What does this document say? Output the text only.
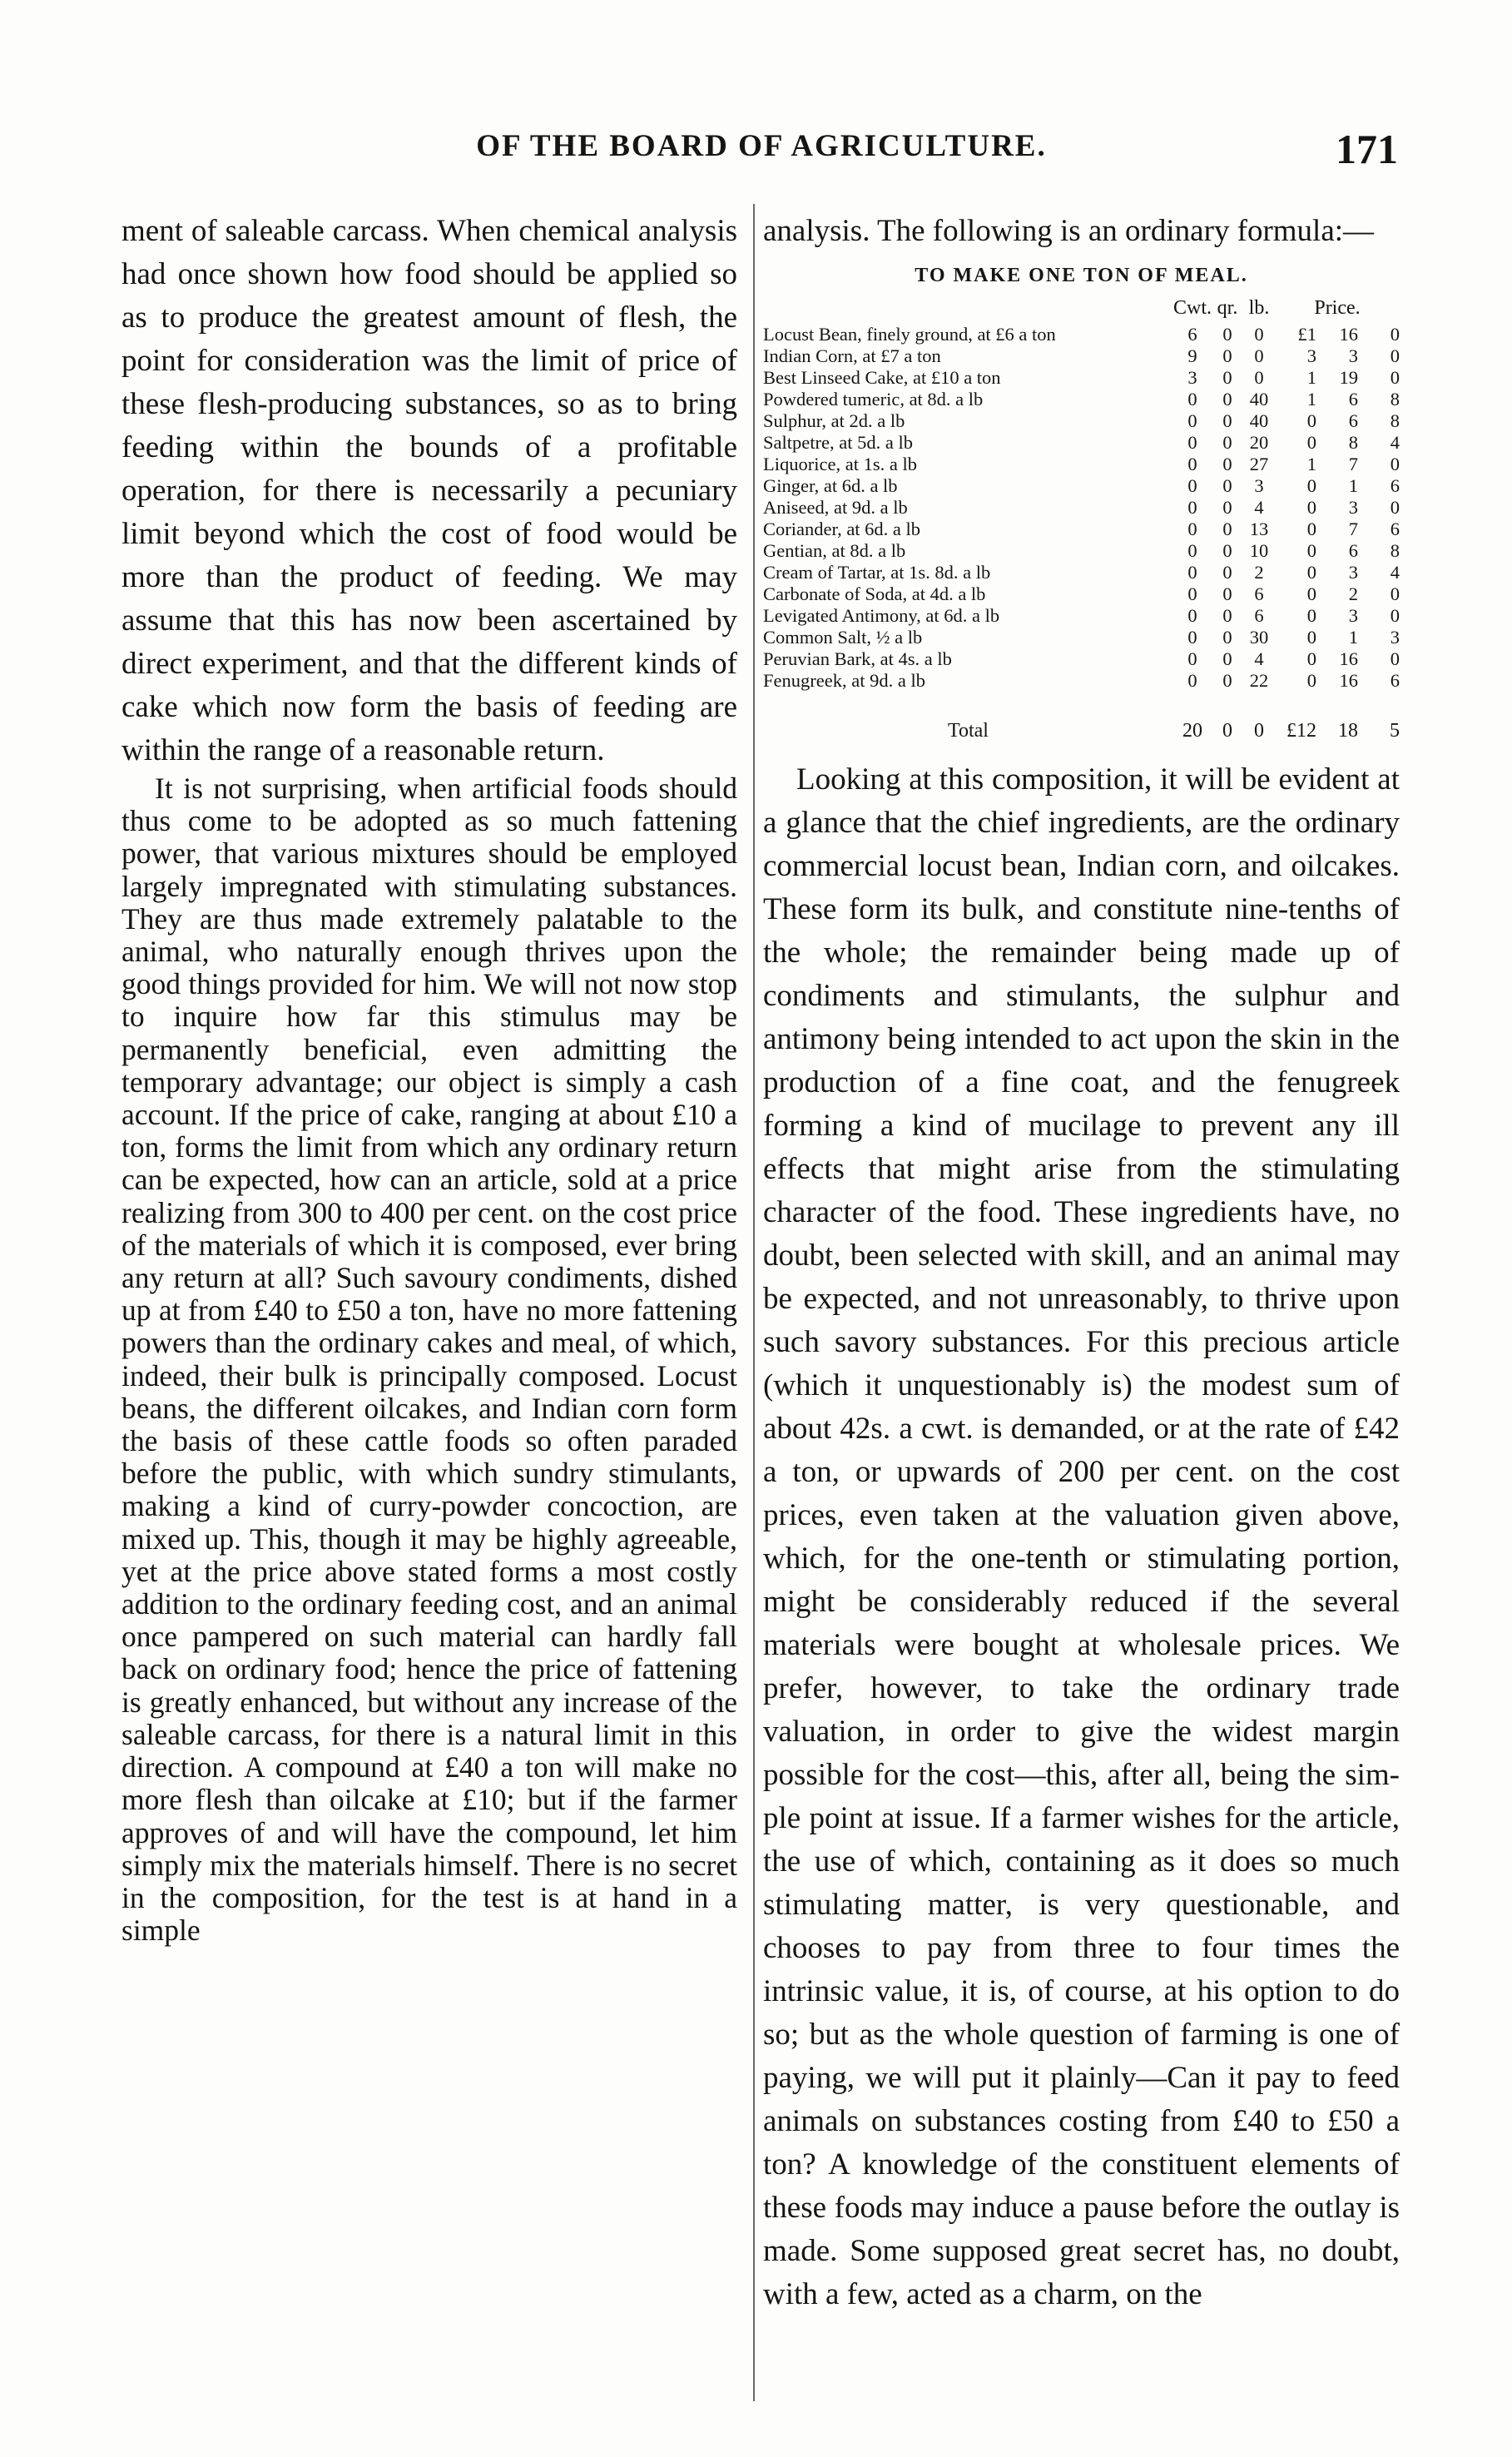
OF THE BOARD OF AGRICULTURE.	171

ment of saleable carcass. When chemical analysis had once shown how food should be applied so as to produce the greatest amount of flesh, the point for consideration was the limit of price of these flesh-producing substances, so as to bring feeding within the bounds of a profitable operation, for there is necessarily a pecuniary limit beyond which the cost of food would be more than the product of feeding. We may assume that this has now been ascertained by direct experiment, and that the different kinds of cake which now form the basis of feeding are within the range of a reasonable return.

It is not surprising, when artificial foods should thus come to be adopted as so much fattening power, that various mixtures should be employed largely impregnated with stimulating substances. They are thus made extremely palatable to the animal, who naturally enough thrives upon the good things provided for him. We will not now stop to inquire how far this stimulus may be permanently beneficial, even admitting the temporary advantage; our object is simply a cash account. If the price of cake, ranging at about £10 a ton, forms the limit from which any ordinary return can be expected, how can an article, sold at a price realizing from 300 to 400 per cent. on the cost price of the materials of which it is composed, ever bring any return at all? Such savoury condiments, dished up at from £40 to £50 a ton, have no more fattening powers than the ordinary cakes and meal, of which, indeed, their bulk is principally composed. Locust beans, the different oilcakes, and Indian corn form the basis of these cattle foods so often paraded before the public, with which sundry stimulants, making a kind of curry-powder concoction, are mixed up. This, though it may be highly agreeable, yet at the price above stated forms a most costly addition to the ordinary feeding cost, and an animal once pampered on such material can hardly fall back on ordinary food; hence the price of fattening is greatly enhanced, but without any increase of the saleable carcass, for there is a natural limit in this direction. A compound at £40 a ton will make no more flesh than oilcake at £10; but if the farmer approves of and will have the compound, let him simply mix the materials himself. There is no secret in the composition, for the test is at hand in a simple

analysis. The following is an ordinary formula:—

TO MAKE ONE TON OF MEAL.
	Cwt.	qr.	lb.	Price.		
Locust Bean, finely ground, at £6 a ton	6	0	0	£1	16	0
Indian Corn, at £7 a ton	9	0	0	3	3	0
Best Linseed Cake, at £10 a ton	3	0	0	1	19	0
Powdered tumeric, at 8d. a lb	0	0	40	1	6	8
Sulphur, at 2d. a lb	0	0	40	0	6	8
Saltpetre, at 5d. a lb	0	0	20	0	8	4
Liquorice, at 1s. a lb	0	0	27	1	7	0
Ginger, at 6d. a lb	0	0	3	0	1	6
Aniseed, at 9d. a lb	0	0	4	0	3	0
Coriander, at 6d. a lb	0	0	13	0	7	6
Gentian, at 8d. a lb	0	0	10	0	6	8
Cream of Tartar, at 1s. 8d. a lb	0	0	2	0	3	4
Carbonate of Soda, at 4d. a lb	0	0	6	0	2	0
Levigated Antimony, at 6d. a lb	0	0	6	0	3	0
Common Salt, ½ a lb	0	0	30	0	1	3
Peruvian Bark, at 4s. a lb	0	0	4	0	16	0
Fenugreek, at 9d. a lb	0	0	22	0	16	6
Total	20	0	0	£12	18	5

Looking at this composition, it will be evident at a glance that the chief ingredients, are the ordinary commercial locust bean, Indian corn, and oilcakes. These form its bulk, and constitute nine-tenths of the whole; the remainder being made up of condiments and stimulants, the sulphur and antimony being intended to act upon the skin in the production of a fine coat, and the fenugreek forming a kind of mucilage to prevent any ill effects that might arise from the stimulating character of the food. These ingredients have, no doubt, been selected with skill, and an animal may be expected, and not unreasonably, to thrive upon such savory substances. For this precious article (which it unquestionably is) the modest sum of about 42s. a cwt. is demanded, or at the rate of £42 a ton, or upwards of 200 per cent. on the cost prices, even taken at the valuation given above, which, for the one-tenth or stimulating portion, might be considerably reduced if the several materials were bought at wholesale prices. We prefer, however, to take the ordinary trade valuation, in order to give the widest margin possible for the cost—this, after all, being the simple point at issue. If a farmer wishes for the article, the use of which, containing as it does so much stimulating matter, is very questionable, and chooses to pay from three to four times the intrinsic value, it is, of course, at his option to do so; but as the whole question of farming is one of paying, we will put it plainly—Can it pay to feed animals on substances costing from £40 to £50 a ton? A knowledge of the constituent elements of these foods may induce a pause before the outlay is made. Some supposed great secret has, no doubt, with a few, acted as a charm, on the
